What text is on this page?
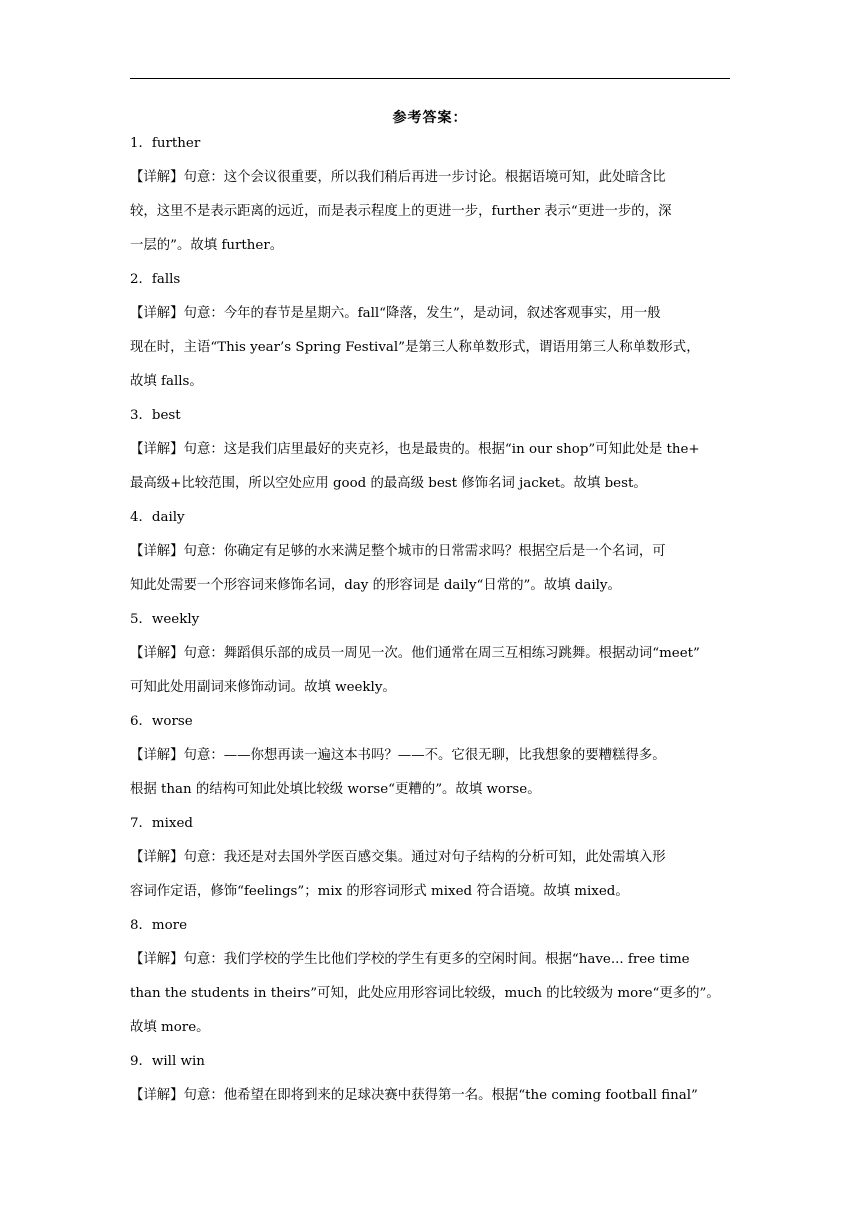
参考答案：
1．further
【详解】句意：这个会议很重要，所以我们稍后再进一步讨论。根据语境可知，此处暗含比
较，这里不是表示距离的远近，而是表示程度上的更进一步，further 表示“更进一步的，深
一层的”。故填 further。
2．falls
【详解】句意：今年的春节是星期六。fall“降落，发生”，是动词，叙述客观事实，用一般
现在时，主语“This year’s Spring Festival”是第三人称单数形式，谓语用第三人称单数形式，
故填 falls。
3．best
【详解】句意：这是我们店里最好的夹克衫，也是最贵的。根据“in our shop”可知此处是 the+
最高级+比较范围，所以空处应用 good 的最高级 best 修饰名词 jacket。故填 best。
4．daily
【详解】句意：你确定有足够的水来满足整个城市的日常需求吗？根据空后是一个名词，可
知此处需要一个形容词来修饰名词，day 的形容词是 daily“日常的”。故填 daily。
5．weekly
【详解】句意：舞蹈俱乐部的成员一周见一次。他们通常在周三互相练习跳舞。根据动词“meet”
可知此处用副词来修饰动词。故填 weekly。
6．worse
【详解】句意：——你想再读一遍这本书吗？——不。它很无聊，比我想象的要糟糕得多。
根据 than 的结构可知此处填比较级 worse“更糟的”。故填 worse。
7．mixed
【详解】句意：我还是对去国外学医百感交集。通过对句子结构的分析可知，此处需填入形
容词作定语，修饰“feelings”；mix 的形容词形式 mixed 符合语境。故填 mixed。
8．more
【详解】句意：我们学校的学生比他们学校的学生有更多的空闲时间。根据“have... free time
than the students in theirs”可知，此处应用形容词比较级，much 的比较级为 more“更多的”。
故填 more。
9．will win
【详解】句意：他希望在即将到来的足球决赛中获得第一名。根据“the coming football final”
